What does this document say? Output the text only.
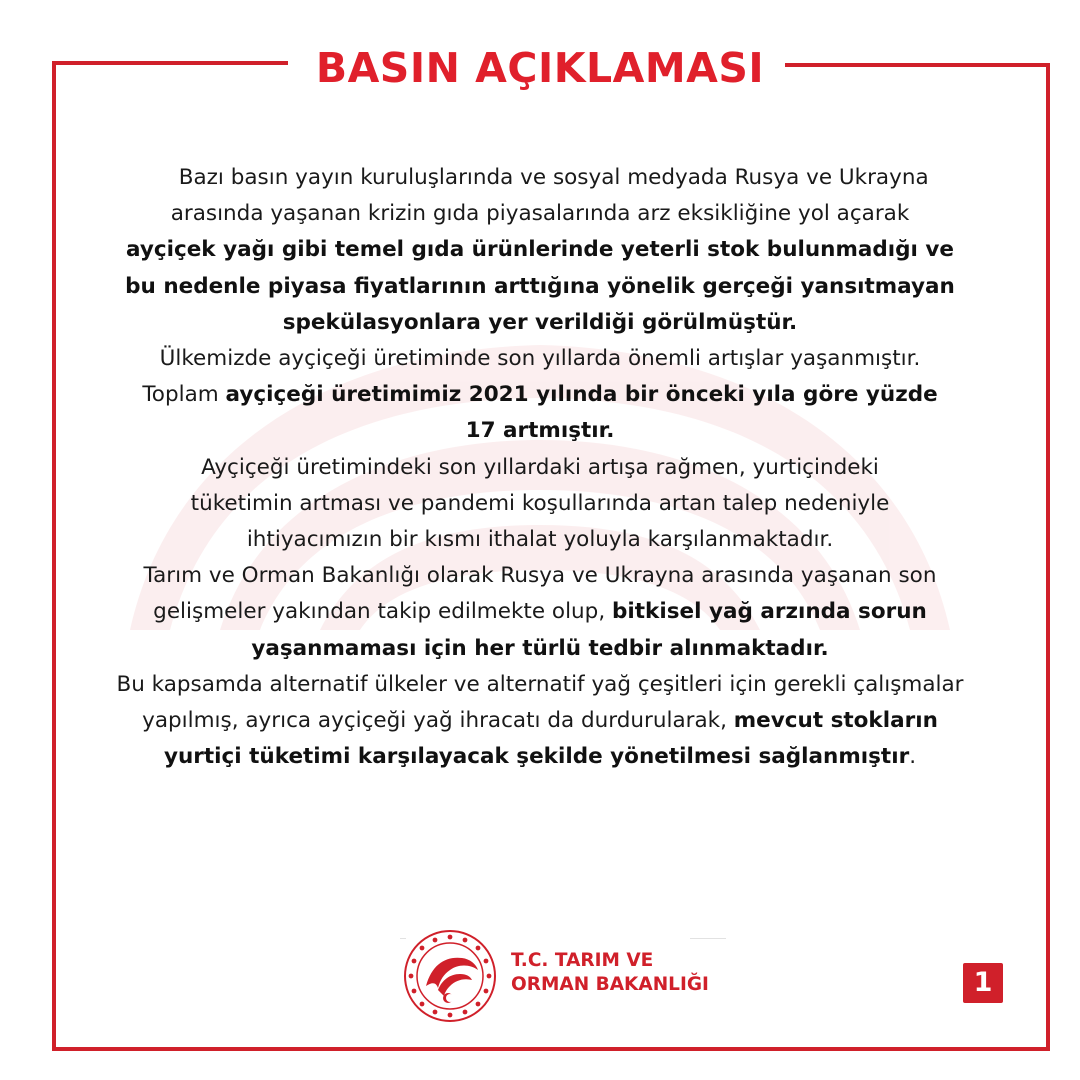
BASIN AÇIKLAMASI

Bazı basın yayın kuruluşlarında ve sosyal medyada Rusya ve Ukrayna arasında yaşanan krizin gıda piyasalarında arz eksikliğine yol açarak ayçiçek yağı gibi temel gıda ürünlerinde yeterli stok bulunmadığı ve bu nedenle piyasa fiyatlarının arttığına yönelik gerçeği yansıtmayan spekülasyonlara yer verildiği görülmüştür.

Ülkemizde ayçiçeği üretiminde son yıllarda önemli artışlar yaşanmıştır. Toplam ayçiçeği üretimimiz 2021 yılında bir önceki yıla göre yüzde 17 artmıştır.

Ayçiçeği üretimindeki son yıllardaki artışa rağmen, yurtiçindeki tüketimin artması ve pandemi koşullarında artan talep nedeniyle ihtiyacımızın bir kısmı ithalat yoluyla karşılanmaktadır.

Tarım ve Orman Bakanlığı olarak Rusya ve Ukrayna arasında yaşanan son gelişmeler yakından takip edilmekte olup, bitkisel yağ arzında sorun yaşanmaması için her türlü tedbir alınmaktadır.

Bu kapsamda alternatif ülkeler ve alternatif yağ çeşitleri için gerekli çalışmalar yapılmış, ayrıca ayçiçeği yağ ihracatı da durdurularak, mevcut stokların yurtiçi tüketimi karşılayacak şekilde yönetilmesi sağlanmıştır.

T.C. TARIM VE
ORMAN BAKANLIĞI	1
